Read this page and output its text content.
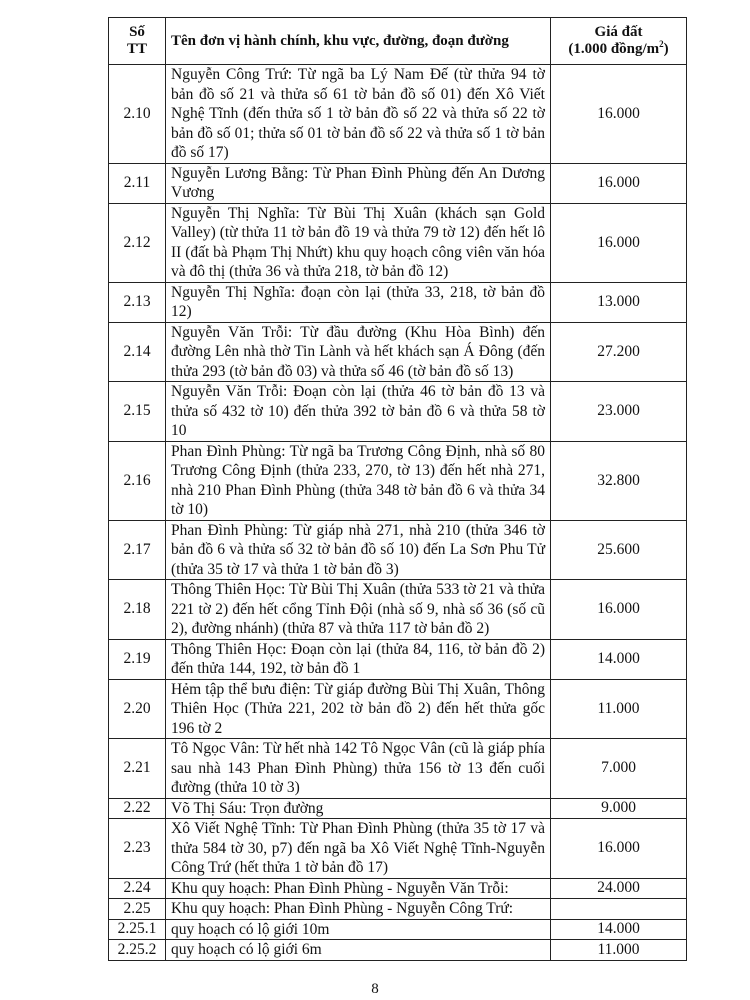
Số
TT	Tên đơn vị hành chính, khu vực, đường, đoạn đường	Giá đất
(1.000 đồng/$m^2$)

2.10	Nguyễn Công Trứ: Từ ngã ba Lý Nam Đế (từ thửa 94 tờ bản đồ số 21 và thửa số 61 tờ bản đồ số 01) đến Xô Viết Nghệ Tĩnh (đến thửa số 1 tờ bản đồ số 22 và thửa số 22 tờ bản đồ số 01; thửa số 01 tờ bản đồ số 22 và thửa số 1 tờ bản đồ số 17)	16.000
2.11	Nguyễn Lương Bằng: Từ Phan Đình Phùng đến An Dương Vương	16.000
2.12	Nguyễn Thị Nghĩa: Từ Bùi Thị Xuân (khách sạn Gold Valley) (từ thửa 11 tờ bản đồ 19 và thửa 79 tờ 12) đến hết lô II (đất bà Phạm Thị Nhứt) khu quy hoạch công viên văn hóa và đô thị (thửa 36 và thửa 218, tờ bản đồ 12)	16.000
2.13	Nguyễn Thị Nghĩa: đoạn còn lại (thửa 33, 218, tờ bản đồ 12)	13.000
2.14	Nguyễn Văn Trỗi: Từ đầu đường (Khu Hòa Bình) đến đường Lên nhà thờ Tin Lành và hết khách sạn Á Đông (đến thửa 293 (tờ bản đồ 03) và thửa số 46 (tờ bản đồ số 13)	27.200
2.15	Nguyễn Văn Trỗi: Đoạn còn lại (thửa 46 tờ bản đồ 13 và thửa số 432 tờ 10) đến thửa 392 tờ bản đồ 6 và thửa 58 tờ 10	23.000
2.16	Phan Đình Phùng: Từ ngã ba Trương Công Định, nhà số 80 Trương Công Định (thửa 233, 270, tờ 13) đến hết nhà 271, nhà 210 Phan Đình Phùng (thửa 348 tờ bản đồ 6 và thửa 34 tờ 10)	32.800
2.17	Phan Đình Phùng: Từ giáp nhà 271, nhà 210 (thửa 346 tờ bản đồ 6 và thửa số 32 tờ bản đồ số 10) đến La Sơn Phu Tử (thửa 35 tờ 17 và thửa 1 tờ bản đồ 3)	25.600
2.18	Thông Thiên Học: Từ Bùi Thị Xuân (thửa 533 tờ 21 và thửa 221 tờ 2) đến hết cổng Tỉnh Đội (nhà số 9, nhà số 36 (số cũ 2), đường nhánh) (thửa 87 và thửa 117 tờ bản đồ 2)	16.000
2.19	Thông Thiên Học: Đoạn còn lại (thửa 84, 116, tờ bản đồ 2) đến thửa 144, 192, tờ bản đồ 1	14.000
2.20	Hẻm tập thể bưu điện: Từ giáp đường Bùi Thị Xuân, Thông Thiên Học (Thửa 221, 202 tờ bản đồ 2) đến hết thửa gốc 196 tờ 2	11.000
2.21	Tô Ngọc Vân: Từ hết nhà 142 Tô Ngọc Vân (cũ là giáp phía sau nhà 143 Phan Đình Phùng) thửa 156 tờ 13 đến cuối đường (thửa 10 tờ 3)	7.000
2.22	Võ Thị Sáu: Trọn đường	9.000
2.23	Xô Viết Nghệ Tĩnh: Từ Phan Đình Phùng (thửa 35 tờ 17 và thửa 584 tờ 30, p7) đến ngã ba Xô Viết Nghệ Tĩnh-Nguyễn Công Trứ (hết thửa 1 tờ bản đồ 17)	16.000
2.24	Khu quy hoạch: Phan Đình Phùng - Nguyễn Văn Trỗi:	24.000
2.25	Khu quy hoạch: Phan Đình Phùng - Nguyễn Công Trứ:	
2.25.1	quy hoạch có lộ giới 10m	14.000
2.25.2	quy hoạch có lộ giới 6m	11.000
8
